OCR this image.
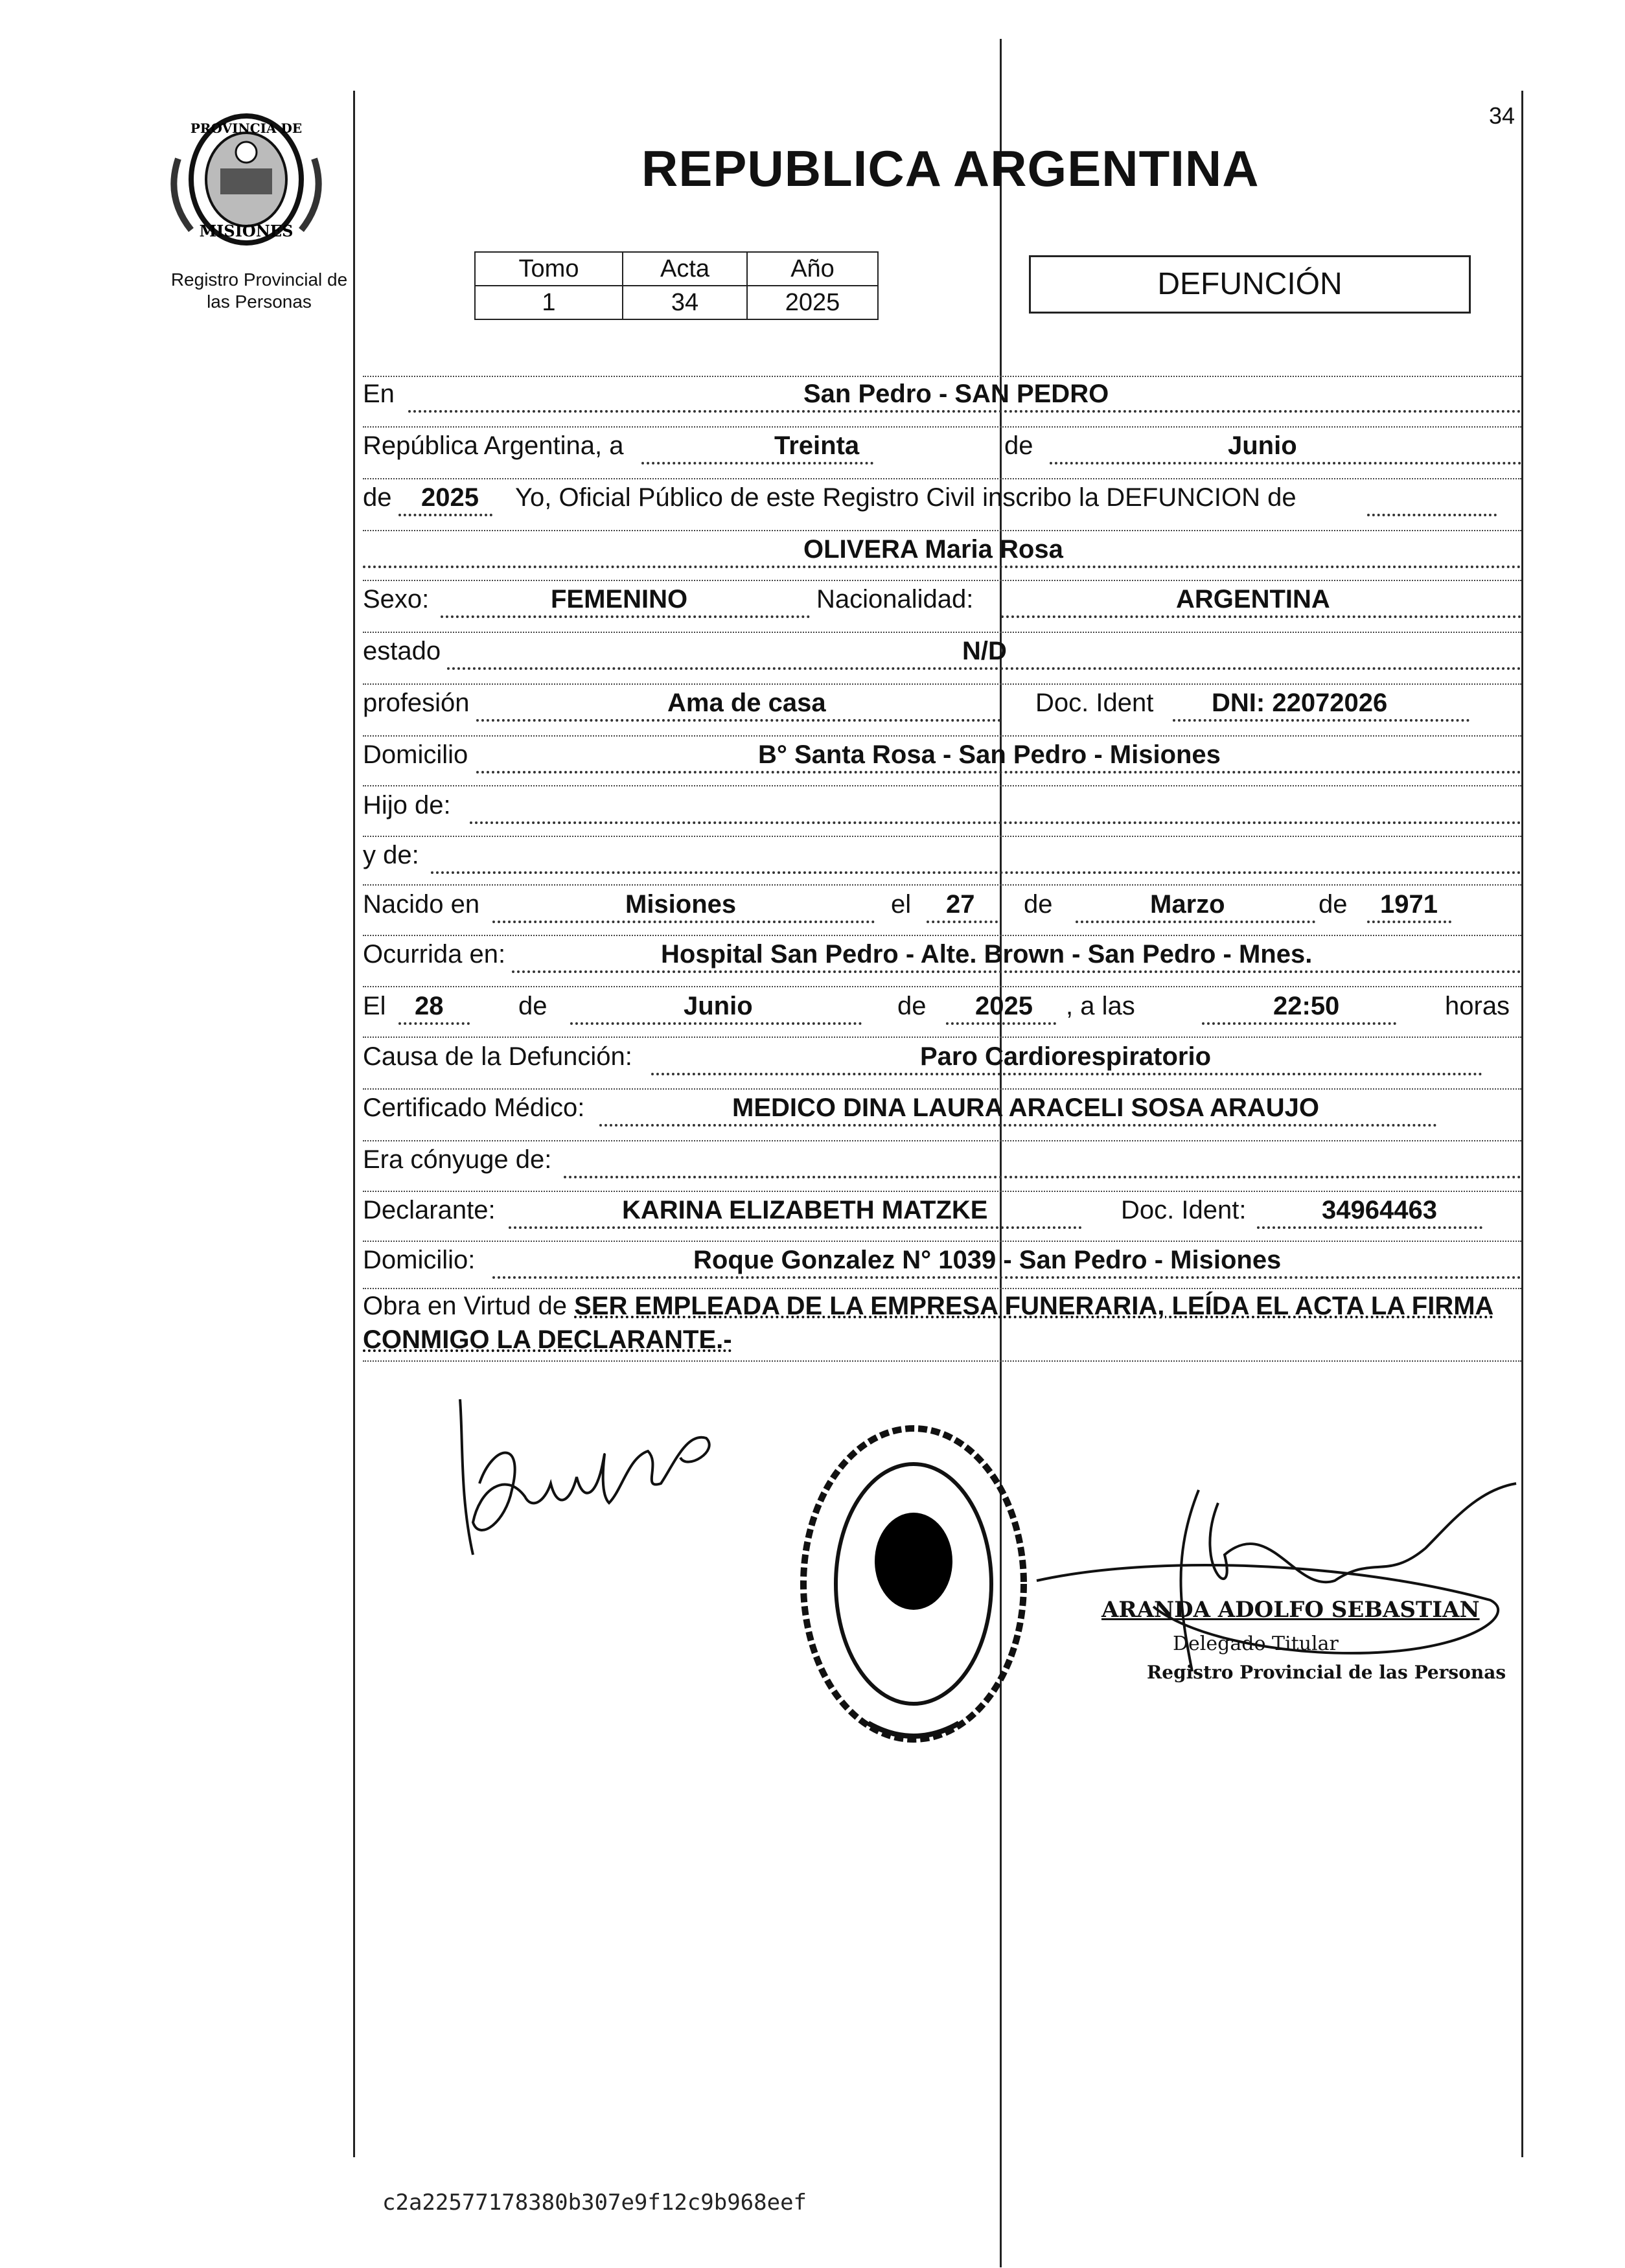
PROVINCIA DE
MISIONES
Registro Provincial de
las Personas
34
REPUBLICA ARGENTINA
Tomo	Acta	Año
1	34	2025
DEFUNCIÓN
En	San Pedro - SAN PEDRO
República Argentina, a	Treinta	de	Junio
de 2025 Yo, Oficial Público de este Registro Civil inscribo la DEFUNCION de
OLIVERA Maria Rosa
Sexo:	FEMENINO	Nacionalidad:	ARGENTINA
estado	N/D
profesión	Ama de casa	Doc. Ident DNI: 22072026
Domicilio	B° Santa Rosa - San Pedro - Misiones
Hijo de:
y de:
Nacido en	Misiones	el 27 de	Marzo	de 1971
Ocurrida en:	Hospital San Pedro - Alte. Brown - San Pedro - Mnes.
El 28	de	Junio	de 2025 , a las	22:50	horas
Causa de la Defunción:	Paro Cardiorespiratorio
Certificado Médico:	MEDICO DINA LAURA ARACELI SOSA ARAUJO
Era cónyuge de:
Declarante:	KARINA ELIZABETH MATZKE	Doc. Ident:	34964463
Domicilio:	Roque Gonzalez N° 1039 - San Pedro - Misiones
Obra en Virtud de SER EMPLEADA DE LA EMPRESA FUNERARIA, LEÍDA EL ACTA LA FIRMA CONMIGO LA DECLARANTE.-
ARANDA ADOLFO SEBASTIAN
Delegado Titular
Registro Provincial de las Personas
c2a22577178380b307e9f12c9b968eef
